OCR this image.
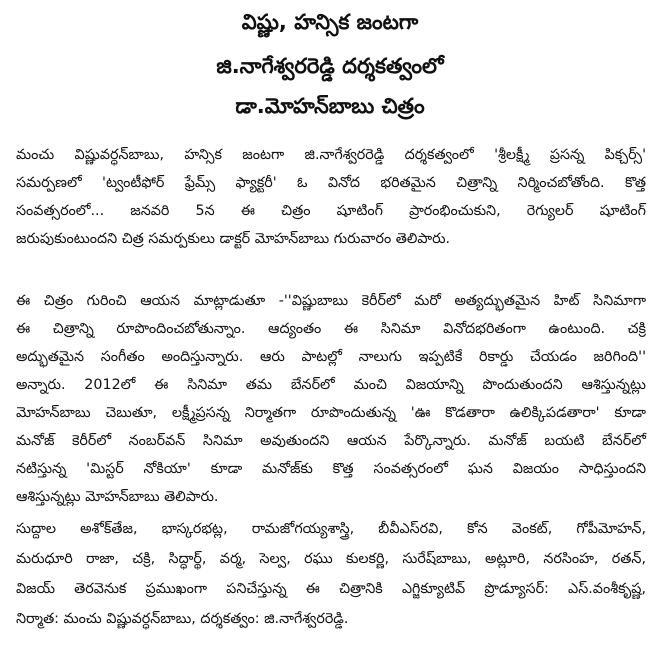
విష్ణు, హన్సిక జంటగా
జి.నాగేశ్వరరెడ్డి దర్శకత్వంలో
డా.మోహన్‌బాబు చిత్రం

మంచు విష్ణువర్ధన్‌బాబు, హన్సిక జంటగా జి.నాగేశ్వరరెడ్డి దర్శకత్వంలో 'శ్రీలక్ష్మీ ప్రసన్న పిక్చర్స్'

సమర్పణలో 'ట్వంటీఫోర్ ఫ్రేమ్స్ ఫ్యాక్టరీ' ఓ వినోద భరితమైన చిత్రాన్ని నిర్మించబోతోంది. కొత్త

సంవత్సరంలో... జనవరి 5న ఈ చిత్రం షూటింగ్ ప్రారంభించుకుని, రెగ్యులర్ షూటింగ్

జరుపుకుంటుందని చిత్ర సమర్పకులు డాక్టర్ మోహన్‌బాబు గురువారం తెలిపారు.

ఈ చిత్రం గురించి ఆయన మాట్లాడుతూ -''విష్ణుబాబు కెరీర్‌లో మరో అత్యద్భుతమైన హిట్ సినిమాగా

ఈ చిత్రాన్ని రూపొందించబోతున్నాం. ఆద్యంతం ఈ సినిమా వినోదభరితంగా ఉంటుంది. చక్రి

అద్భుతమైన సంగీతం అందిస్తున్నారు. ఆరు పాటల్లో నాలుగు ఇప్పటికే రికార్డు చేయడం జరిగింది''

అన్నారు. 2012లో ఈ సినిమా తమ బేనర్‌లో మంచి విజయాన్ని పొందుతుందని ఆశిస్తున్నట్లు

మోహన్‌బాబు చెబుతూ, లక్ష్మీప్రసన్న నిర్మాతగా రూపొందుతున్న 'ఊ కొడతారా ఉలిక్కిపడతారా' కూడా

మనోజ్ కెరీర్‌లో నంబర్‌వన్ సినిమా అవుతుందని ఆయన పేర్కొన్నారు. మనోజ్ బయటి బేనర్‌లో

నటిస్తున్న 'మిస్టర్ నోకియా' కూడా మనోజ్‌కు కొత్త సంవత్సరంలో ఘన విజయం సాధిస్తుందని

ఆశిస్తున్నట్లు మోహన్‌బాబు తెలిపారు.

సుద్దాల అశోక్‌తేజ, భాస్కరభట్ల, రామజోగయ్యశాస్త్రి, బీవీఎస్‌రవి, కోన వెంకట్, గోపీమోహన్,

మరుధూరి రాజా, చక్రి, సిద్ధార్థ్, వర్మ, సెల్వ, రఘు కులకర్ణి, సురేష్‌బాబు, అట్లూరి, నరసింహ, రతన్,

విజయ్ తెరవెనుక ప్రముఖంగా పనిచేస్తున్న ఈ చిత్రానికి ఎగ్జిక్యూటివ్ ప్రొడ్యూసర్: ఎస్.వంశీకృష్ణ,

నిర్మాత: మంచు విష్ణువర్ధన్‌బాబు, దర్శకత్వం: జి.నాగేశ్వరరెడ్డి.
